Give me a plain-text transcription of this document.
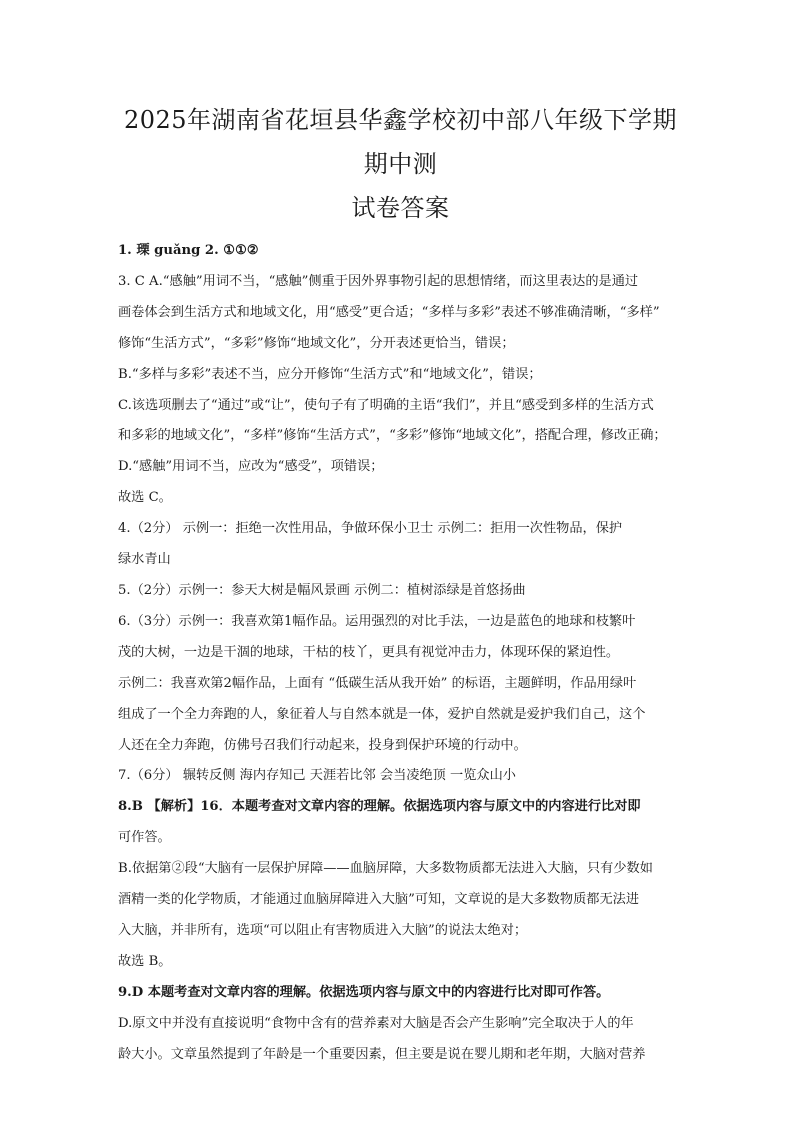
2025年湖南省花垣县华鑫学校初中部八年级下学期期中测
试卷答案
1. 瑮 guǎng 2. ①①②
3. C A.“感触”用词不当，“感触”侧重于因外界事物引起的思想情绪，而这里表达的是通过
画卷体会到生活方式和地域文化，用“感受”更合适；“多样与多彩”表述不够准确清晰，“多样”
修饰“生活方式”，“多彩”修饰“地域文化”，分开表述更恰当，错误；
B.“多样与多彩”表述不当，应分开修饰“生活方式”和“地域文化”，错误；
C.该选项删去了“通过”或“让”，使句子有了明确的主语“我们”，并且“感受到多样的生活方式
和多彩的地域文化”，“多样”修饰“生活方式”，“多彩”修饰“地域文化”，搭配合理，修改正确；
D.“感触”用词不当，应改为“感受”，项错误；
故选 C。
4.（2分） 示例一：拒绝一次性用品，争做环保小卫士 示例二：拒用一次性物品，保护
绿水青山
5.（2分）示例一：参天大树是幅风景画 示例二：植树添绿是首悠扬曲
6.（3分）示例一：我喜欢第1幅作品。运用强烈的对比手法，一边是蓝色的地球和枝繁叶
茂的大树，一边是干涸的地球，干枯的枝丫，更具有视觉冲击力，体现环保的紧迫性。
示例二：我喜欢第2幅作品，上面有 “低碳生活从我开始” 的标语，主题鲜明，作品用绿叶
组成了一个全力奔跑的人，象征着人与自然本就是一体，爱护自然就是爱护我们自己，这个
人还在全力奔跑，仿佛号召我们行动起来，投身到保护环境的行动中。
7.（6分） 辗转反侧 海内存知己 天涯若比邻 会当凌绝顶 一览众山小
8.B 【解析】16．本题考查对文章内容的理解。依据选项内容与原文中的内容进行比对即
可作答。
B.依据第②段“大脑有一层保护屏障——血脑屏障，大多数物质都无法进入大脑，只有少数如
酒精一类的化学物质，才能通过血脑屏障进入大脑”可知，文章说的是大多数物质都无法进
入大脑，并非所有，选项“可以阻止有害物质进入大脑”的说法太绝对；
故选 B。
9.D 本题考查对文章内容的理解。依据选项内容与原文中的内容进行比对即可作答。
D.原文中并没有直接说明“食物中含有的营养素对大脑是否会产生影响”完全取决于人的年
龄大小。文章虽然提到了年龄是一个重要因素，但主要是说在婴儿期和老年期，大脑对营养
